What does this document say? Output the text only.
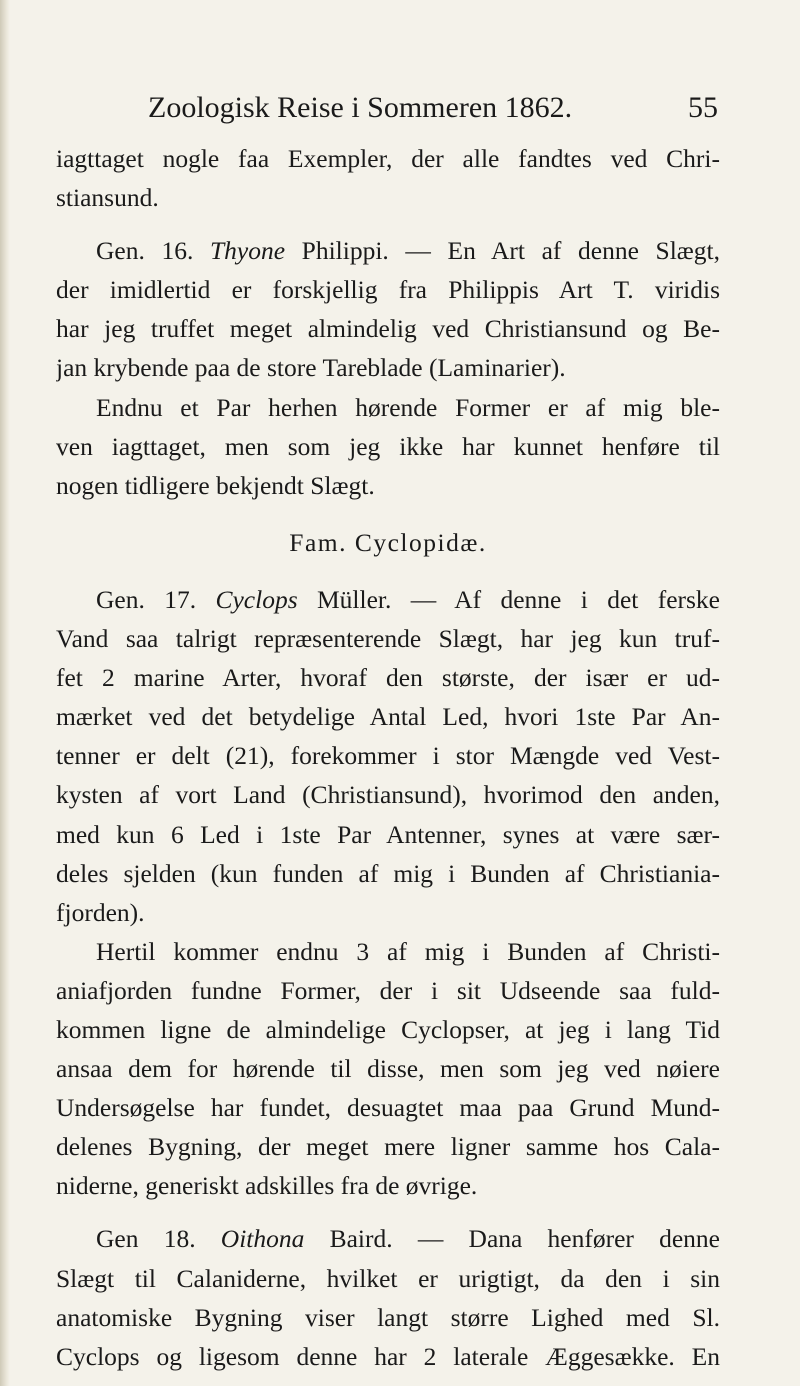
Zoologisk Reise i Sommeren 1862.	55
iagttaget nogle faa Exempler, der alle fandtes ved Chri-
stiansund.
Gen. 16. Thyone Philippi. — En Art af denne Slægt,
der imidlertid er forskjellig fra Philippis Art T. viridis
har jeg truffet meget almindelig ved Christiansund og Be-
jan krybende paa de store Tareblade (Laminarier).
Endnu et Par herhen hørende Former er af mig ble-
ven iagttaget, men som jeg ikke har kunnet henføre til
nogen tidligere bekjendt Slægt.
Fam. Cyclopidæ.
Gen. 17. Cyclops Müller. — Af denne i det ferske
Vand saa talrigt repræsenterende Slægt, har jeg kun truf-
fet 2 marine Arter, hvoraf den største, der især er ud-
mærket ved det betydelige Antal Led, hvori 1ste Par An-
tenner er delt (21), forekommer i stor Mængde ved Vest-
kysten af vort Land (Christiansund), hvorimod den anden,
med kun 6 Led i 1ste Par Antenner, synes at være sær-
deles sjelden (kun funden af mig i Bunden af Christiania-
fjorden).
Hertil kommer endnu 3 af mig i Bunden af Christi-
aniafjorden fundne Former, der i sit Udseende saa fuld-
kommen ligne de almindelige Cyclopser, at jeg i lang Tid
ansaa dem for hørende til disse, men som jeg ved nøiere
Undersøgelse har fundet, desuagtet maa paa Grund Mund-
delenes Bygning, der meget mere ligner samme hos Cala-
niderne, generiskt adskilles fra de øvrige.
Gen 18. Oithona Baird. — Dana henfører denne
Slægt til Calaniderne, hvilket er urigtigt, da den i sin
anatomiske Bygning viser langt større Lighed med Sl.
Cyclops og ligesom denne har 2 laterale Æggesække. En
